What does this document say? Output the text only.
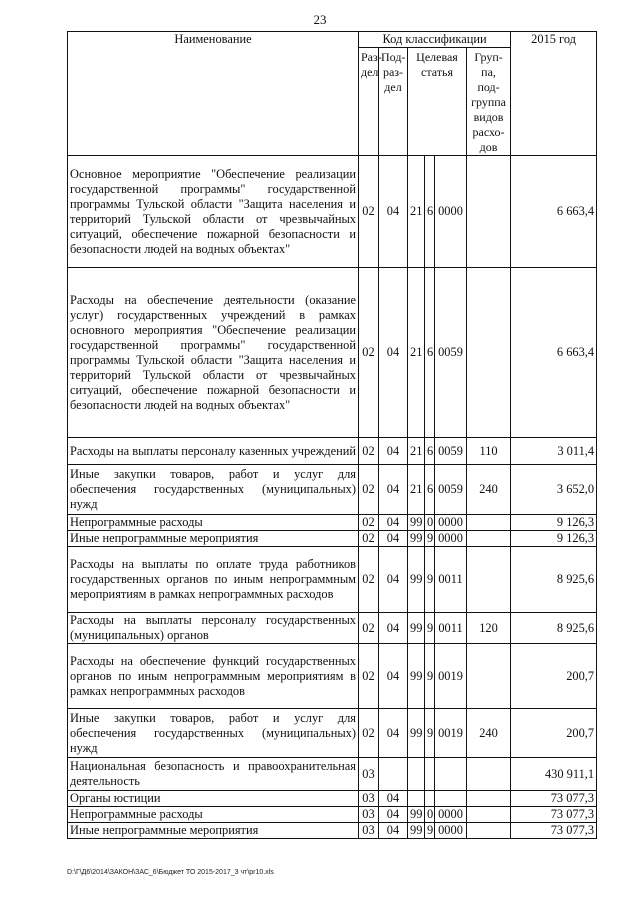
23
Наименование	Код классификации						2015 год
	Раз-дел	Под-раз-дел	Целевая статья			Груп-па, под-группа видов расхо-дов	
Основное мероприятие "Обеспечение реализации государственной программы" государственной программы Тульской области "Защита населения и территорий Тульской области от чрезвычайных ситуаций, обеспечение пожарной безопасности и безопасности людей на водных объектах"	02	04	21	6	0000		6 663,4
Расходы на обеспечение деятельности (оказание услуг) государственных учреждений в рамках основного мероприятия "Обеспечение реализации государственной программы" государственной программы Тульской области "Защита населения и территорий Тульской области от чрезвычайных ситуаций, обеспечение пожарной безопасности и безопасности людей на водных объектах"	02	04	21	6	0059		6 663,4
Расходы на выплаты персоналу казенных учреждений	02	04	21	6	0059	110	3 011,4
Иные закупки товаров, работ и услуг для обеспечения государственных (муниципальных) нужд	02	04	21	6	0059	240	3 652,0
Непрограммные расходы	02	04	99	0	0000		9 126,3
Иные непрограммные мероприятия	02	04	99	9	0000		9 126,3
Расходы на выплаты по оплате труда работников государственных органов по иным непрограммным мероприятиям в рамках непрограммных расходов	02	04	99	9	0011		8 925,6
Расходы на выплаты персоналу государственных (муниципальных) органов	02	04	99	9	0011	120	8 925,6
Расходы на обеспечение функций государственных органов по иным непрограммным мероприятиям в рамках непрограммных расходов	02	04	99	9	0019		200,7
Иные закупки товаров, работ и услуг для обеспечения государственных (муниципальных) нужд	02	04	99	9	0019	240	200,7
Национальная безопасность и правоохранительная деятельность	03						430 911,1
Органы юстиции	03	04					73 077,3
Непрограммные расходы	03	04	99	0	0000		73 077,3
Иные непрограммные мероприятия	03	04	99	9	0000		73 077,3
D:\Г\Д6\2014\ЗАКОН\ЗАС_6\Бюджет ТО 2015-2017_3 чт\pr10.xls
